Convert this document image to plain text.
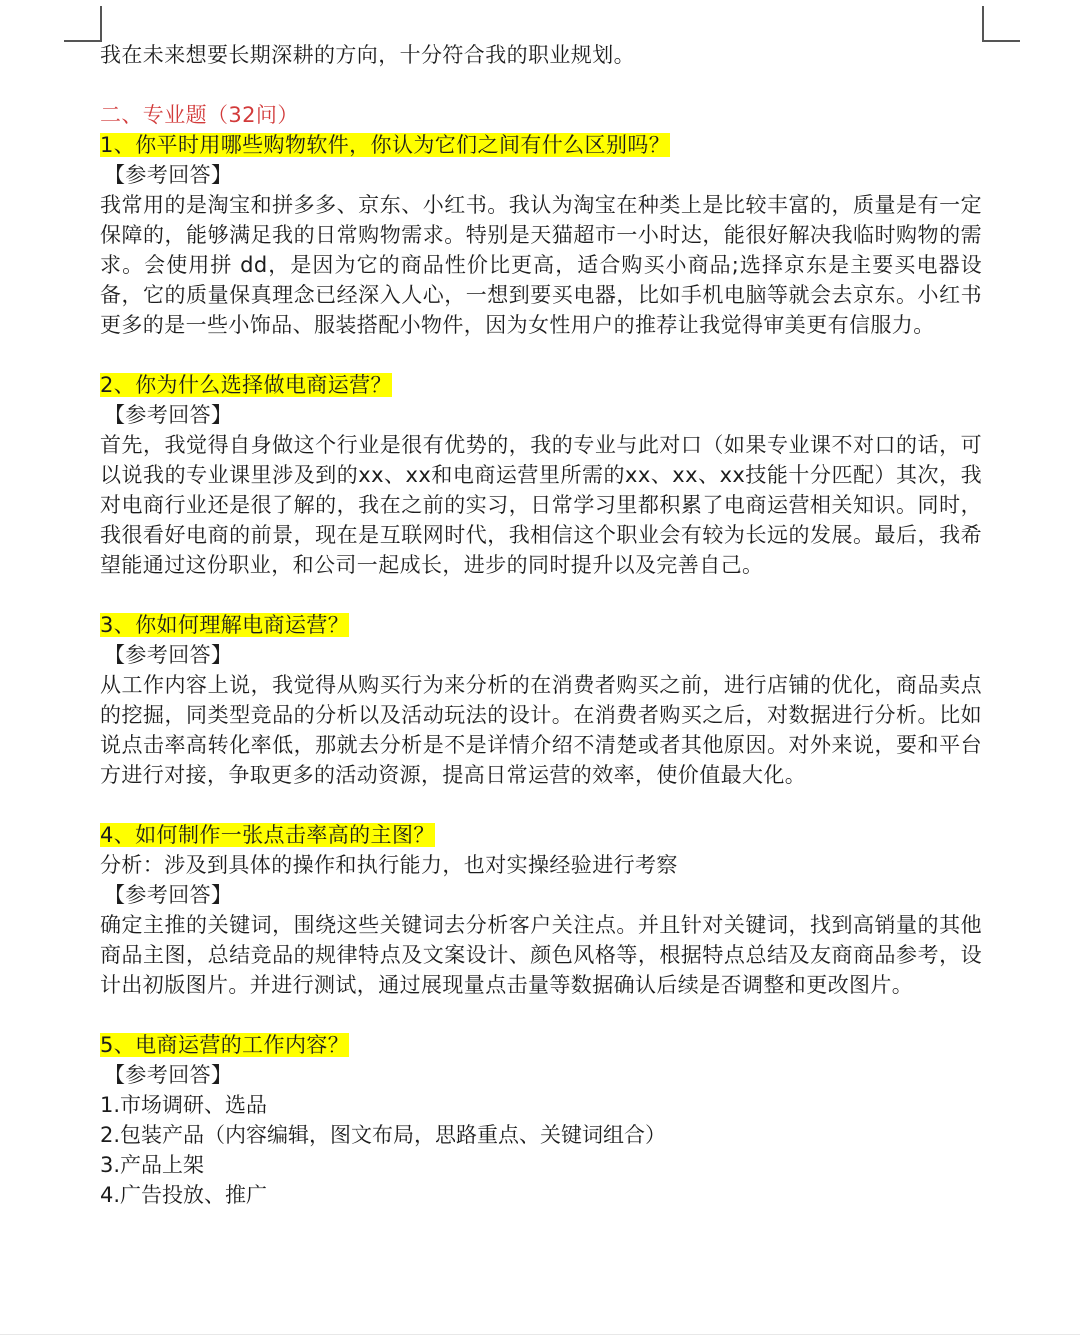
我在未来想要长期深耕的方向，十分符合我的职业规划。
二、专业题（32问）
1、你平时用哪些购物软件，你认为它们之间有什么区别吗？
【参考回答】
我常用的是淘宝和拼多多、京东、小红书。我认为淘宝在种类上是比较丰富的，质量是有一定保障的，能够满足我的日常购物需求。特别是天猫超市一小时达，能很好解决我临时购物的需求。会使用拼 dd，是因为它的商品性价比更高，适合购买小商品;选择京东是主要买电器设备，它的质量保真理念已经深入人心，一想到要买电器，比如手机电脑等就会去京东。小红书更多的是一些小饰品、服装搭配小物件，因为女性用户的推荐让我觉得审美更有信服力。
2、你为什么选择做电商运营？
【参考回答】
首先，我觉得自身做这个行业是很有优势的，我的专业与此对口（如果专业课不对口的话，可以说我的专业课里涉及到的xx、xx和电商运营里所需的xx、xx、xx技能十分匹配）其次，我对电商行业还是很了解的，我在之前的实习，日常学习里都积累了电商运营相关知识。同时，我很看好电商的前景，现在是互联网时代，我相信这个职业会有较为长远的发展。最后，我希望能通过这份职业，和公司一起成长，进步的同时提升以及完善自己。
3、你如何理解电商运营？
【参考回答】
从工作内容上说，我觉得从购买行为来分析的在消费者购买之前，进行店铺的优化，商品卖点的挖掘，同类型竞品的分析以及活动玩法的设计。在消费者购买之后，对数据进行分析。比如说点击率高转化率低，那就去分析是不是详情介绍不清楚或者其他原因。对外来说，要和平台方进行对接，争取更多的活动资源，提高日常运营的效率，使价值最大化。
4、如何制作一张点击率高的主图？
分析：涉及到具体的操作和执行能力，也对实操经验进行考察
【参考回答】
确定主推的关键词，围绕这些关键词去分析客户关注点。并且针对关键词，找到高销量的其他商品主图，总结竞品的规律特点及文案设计、颜色风格等，根据特点总结及友商商品参考，设计出初版图片。并进行测试，通过展现量点击量等数据确认后续是否调整和更改图片。
5、电商运营的工作内容？
【参考回答】
1.市场调研、选品
2.包装产品（内容编辑，图文布局，思路重点、关键词组合）
3.产品上架
4.广告投放、推广
